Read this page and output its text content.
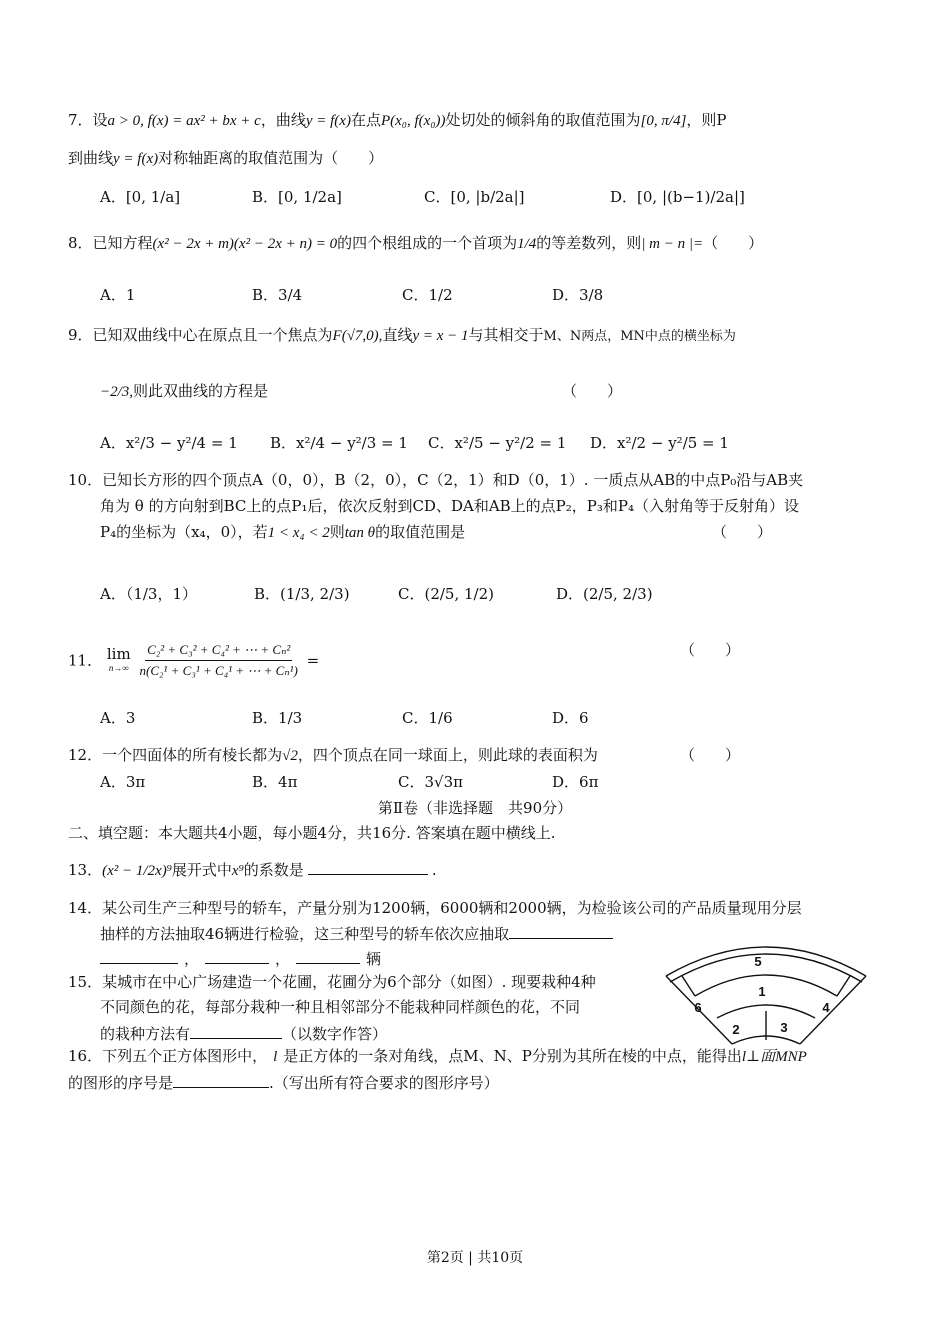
7．设a > 0, f(x) = ax² + bx + c，曲线y = f(x)在点P(x₀, f(x₀))处切处的倾斜角的取值范围为[0, π/4]，则P
到曲线y = f(x)对称轴距离的取值范围为（　　）
A．[0, 1/a]	B．[0, 1/2a]	C．[0, |b/2a|]	D．[0, |(b−1)/2a|]
8．已知方程(x² − 2x + m)(x² − 2x + n) = 0的四个根组成的一个首项为1/4的等差数列，则| m − n |=（　　）
A．1	B．3/4	C．1/2	D．3/8
9．已知双曲线中心在原点且一个焦点为F(√7,0),直线y = x − 1与其相交于M、N两点，MN中点的横坐标为
−2/3,则此双曲线的方程是	（　　）
A．x²/3 − y²/4 = 1 B．x²/4 − y²/3 = 1 C．x²/5 − y²/2 = 1 D．x²/2 − y²/5 = 1
10．已知长方形的四个顶点A（0，0），B（2，0），C（2，1）和D（0，1）. 一质点从AB的中点P₀沿与AB夹
角为 θ 的方向射到BC上的点P₁后，依次反射到CD、DA和AB上的点P₂，P₃和P₄（入射角等于反射角）设
P₄的坐标为（x₄，0），若1 < x₄ < 2则tan θ的取值范围是	（　　）
A．（1/3，1）	B．(1/3, 2/3)	C．(2/5, 1/2)	D．(2/5, 2/3)
11． lim
n→∞
$\frac{\text{C₂² + C₃² + C₄² + ⋯ + Cₙ²}}{\text{n(C₂¹ + C₃¹ + C₄¹ + ⋯ + Cₙ¹)}}$ =
（　　）
A．3	B．1/3	C．1/6	D．6
12．一个四面体的所有棱长都为√2，四个顶点在同一球面上，则此球的表面积为	（　　）
A．3π	B．4π	C．3√3π	D．6π
第Ⅱ卷（非选择题　共90分）
二、填空题：本大题共4小题，每小题4分，共16分. 答案填在题中横线上.
13．(x² − 1/2x)⁹展开式中x⁹的系数是	.
14．某公司生产三种型号的轿车，产量分别为1200辆，6000辆和2000辆，为检验该公司的产品质量现用分层
抽样的方法抽取46辆进行检验，这三种型号的轿车依次应抽取
，	，	辆
15．某城市在中心广场建造一个花圃，花圃分为6个部分（如图）. 现要栽种4种
不同颜色的花，每部分栽种一种且相邻部分不能栽种同样颜色的花，不同
的栽种方法有	（以数字作答）
5
1
6	4
2	3
16．下列五个正方体图形中， l 是正方体的一条对角线，点M、N、P分别为其所在棱的中点，能得出l⊥面MNP
的图形的序号是	.（写出所有符合要求的图形序号）
第2页 | 共10页
